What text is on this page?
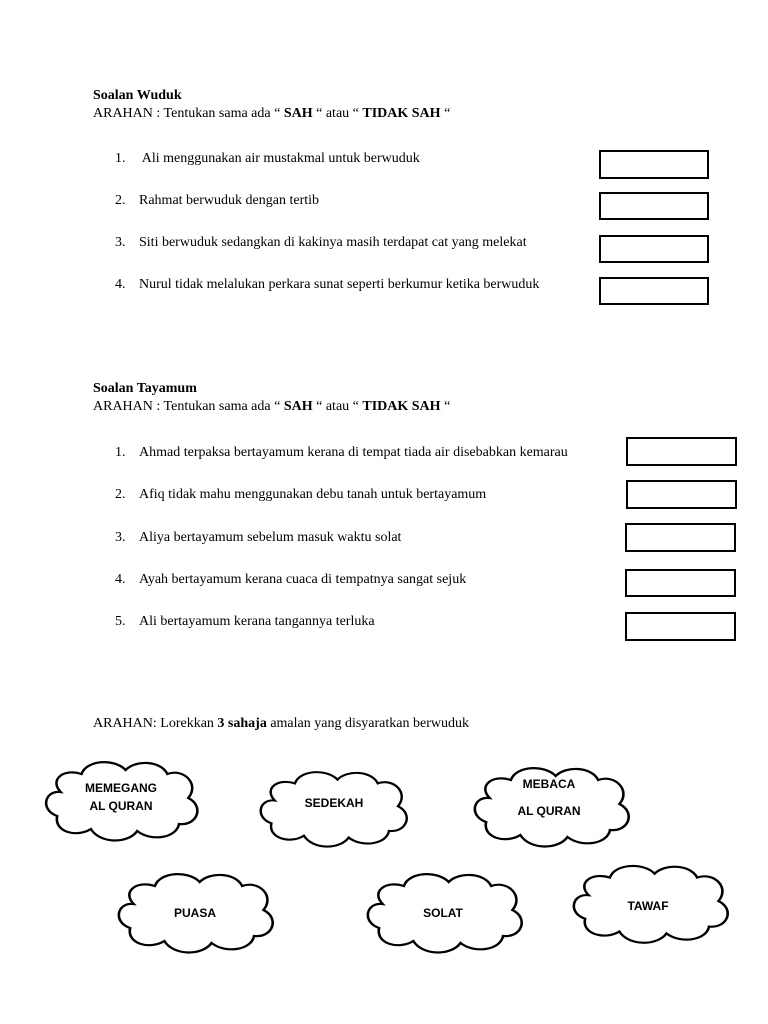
Soalan Wuduk
ARAHAN : Tentukan sama ada “ SAH “ atau “ TIDAK SAH “
1. Ali menggunakan air mustakmal untuk berwuduk
2. Rahmat berwuduk dengan tertib
3. Siti berwuduk sedangkan di kakinya masih terdapat cat yang melekat
4. Nurul tidak melalukan perkara sunat seperti berkumur ketika berwuduk
Soalan Tayamum
ARAHAN : Tentukan sama ada “ SAH “ atau “ TIDAK SAH “
1. Ahmad terpaksa bertayamum kerana di tempat tiada air disebabkan kemarau
2. Afiq tidak mahu menggunakan debu tanah untuk bertayamum
3. Aliya bertayamum sebelum masuk waktu solat
4. Ayah bertayamum kerana cuaca di tempatnya sangat sejuk
5. Ali bertayamum kerana tangannya terluka
ARAHAN: Lorekkan 3 sahaja amalan yang disyaratkan berwuduk
MEMEGANG
AL QURAN	SEDEKAH
MEBACA
AL QURAN
PUASA	SOLAT	TAWAF
